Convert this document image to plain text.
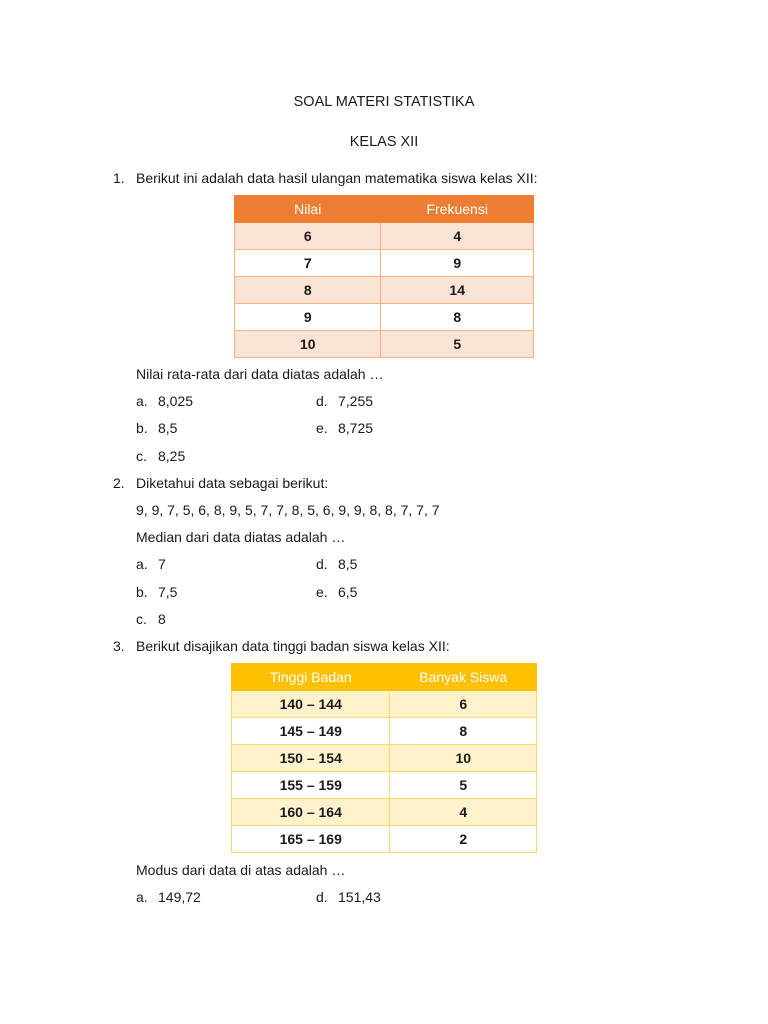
SOAL MATERI STATISTIKA
KELAS XII
1. Berikut ini adalah data hasil ulangan matematika siswa kelas XII:
Nilai	Frekuensi
6	4
7	9
8	14
9	8
10	5
Nilai rata-rata dari data diatas adalah …
a. 8,025	d. 7,255
b. 8,5	e. 8,725
c. 8,25
2. Diketahui data sebagai berikut:
9, 9, 7, 5, 6, 8, 9, 5, 7, 7, 8, 5, 6, 9, 9, 8, 8, 7, 7, 7
Median dari data diatas adalah …
a. 7	d. 8,5
b. 7,5	e. 6,5
c. 8
3. Berikut disajikan data tinggi badan siswa kelas XII:
Tinggi Badan	Banyak Siswa
140 – 144	6
145 – 149	8
150 – 154	10
155 – 159	5
160 – 164	4
165 – 169	2
Modus dari data di atas adalah …
a. 149,72	d. 151,43
